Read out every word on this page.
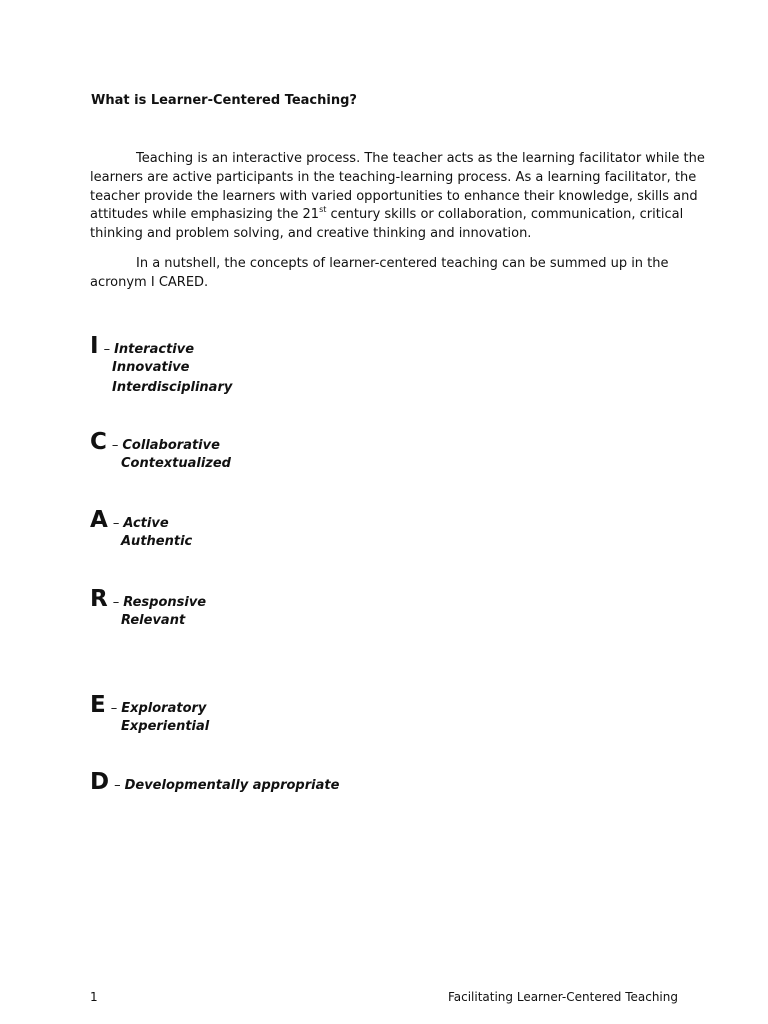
What is Learner-Centered Teaching?

Teaching is an interactive process. The teacher acts as the learning facilitator while the learners are active participants in the teaching-learning process. As a learning facilitator, the teacher provide the learners with varied opportunities to enhance their knowledge, skills and attitudes while emphasizing the 21st century skills or collaboration, communication, critical thinking and problem solving, and creative thinking and innovation.

In a nutshell, the concepts of learner-centered teaching can be summed up in the acronym I CARED.

I – Interactive
Innovative
Interdisciplinary
C – Collaborative
Contextualized
A – Active
Authentic
R – Responsive
Relevant
E – Exploratory
Experiential
D – Developmentally appropriate
1	Facilitating Learner-Centered Teaching
